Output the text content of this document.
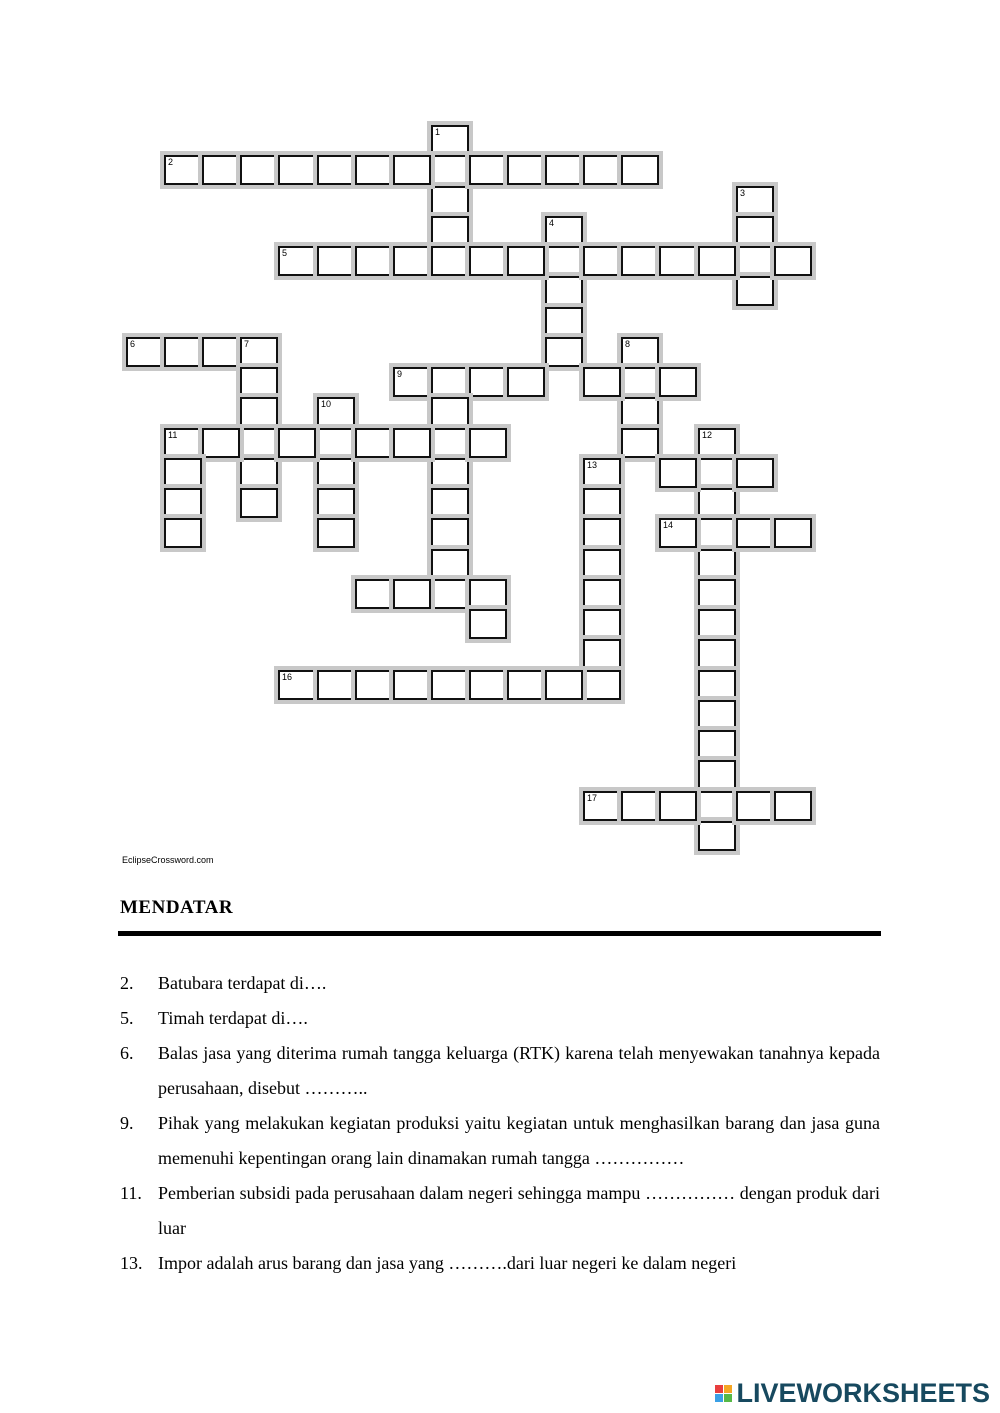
1
2
3
4
5
6	7	8
9
10
11	12
13
14
16
17
EclipseCrossword.com
MENDATAR
2.	Batubara terdapat di….
5.	Timah terdapat di….
6.	Balas jasa yang diterima rumah tangga keluarga (RTK) karena telah menyewakan tanahnya kepada perusahaan, disebut ………..
9.	Pihak yang melakukan kegiatan produksi yaitu kegiatan untuk menghasilkan barang dan jasa guna memenuhi kepentingan orang lain dinamakan rumah tangga ……………
11. Pemberian subsidi pada perusahaan dalam negeri sehingga mampu …………… dengan produk dari luar
13. Impor adalah arus barang dan jasa yang ……….dari luar negeri ke dalam negeri
LIVEWORKSHEETS
